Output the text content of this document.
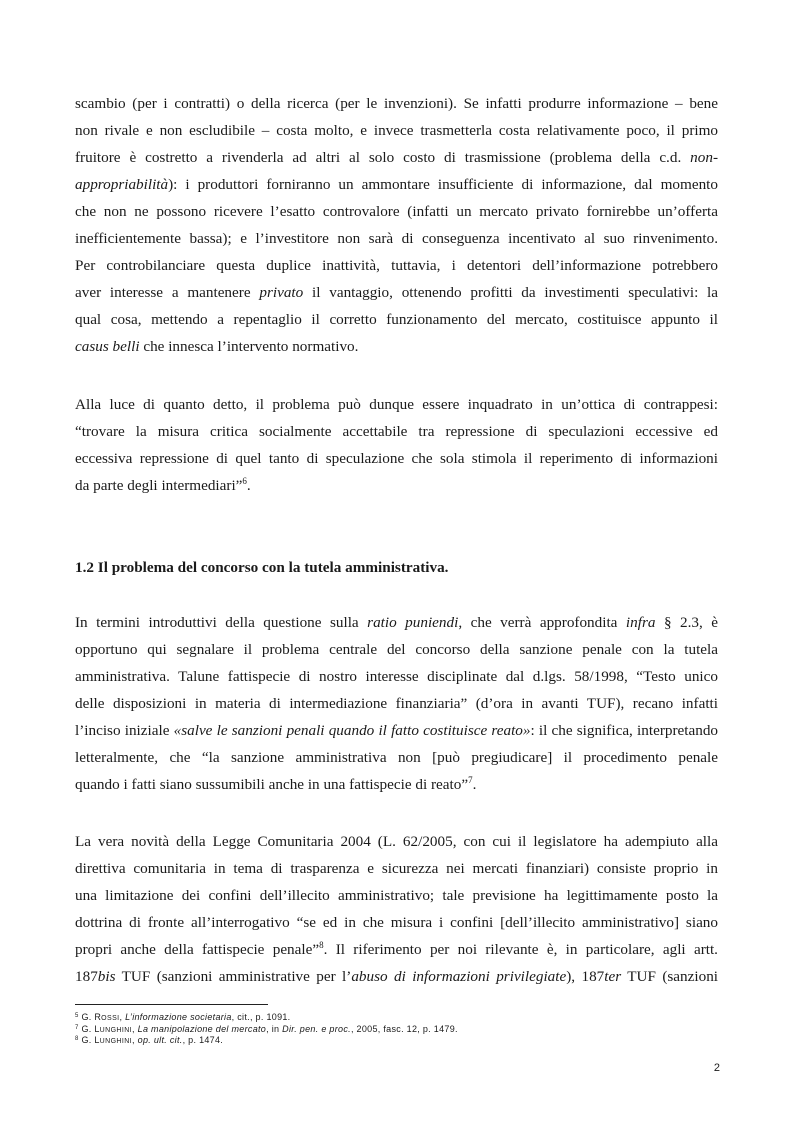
scambio (per i contratti) o della ricerca (per le invenzioni). Se infatti produrre informazione – bene
non rivale e non escludibile – costa molto, e invece trasmetterla costa relativamente poco, il primo
fruitore è costretto a rivenderla ad altri al solo costo di trasmissione (problema della c.d. non-
appropriabilità): i produttori forniranno un ammontare insufficiente di informazione, dal momento
che non ne possono ricevere l’esatto controvalore (infatti un mercato privato fornirebbe un’offerta
inefficientemente bassa); e l’investitore non sarà di conseguenza incentivato al suo rinvenimento.
Per controbilanciare questa duplice inattività, tuttavia, i detentori dell’informazione potrebbero
aver interesse a mantenere privato il vantaggio, ottenendo profitti da investimenti speculativi: la
qual cosa, mettendo a repentaglio il corretto funzionamento del mercato, costituisce appunto il
casus belli che innesca l’intervento normativo.
Alla luce di quanto detto, il problema può dunque essere inquadrato in un’ottica di contrappesi:
“trovare la misura critica socialmente accettabile tra repressione di speculazioni eccessive ed
eccessiva repressione di quel tanto di speculazione che sola stimola il reperimento di informazioni
da parte degli intermediari”$^6$.
1.2 Il problema del concorso con la tutela amministrativa.
In termini introduttivi della questione sulla ratio puniendi, che verrà approfondita infra § 2.3, è
opportuno qui segnalare il problema centrale del concorso della sanzione penale con la tutela
amministrativa. Talune fattispecie di nostro interesse disciplinate dal d.lgs. 58/1998, “Testo unico
delle disposizioni in materia di intermediazione finanziaria” (d’ora in avanti TUF), recano infatti
l’inciso iniziale «salve le sanzioni penali quando il fatto costituisce reato»: il che significa, interpretando
letteralmente, che “la sanzione amministrativa non [può pregiudicare] il procedimento penale
quando i fatti siano sussumibili anche in una fattispecie di reato”$^7$.
La vera novità della Legge Comunitaria 2004 (L. 62/2005, con cui il legislatore ha adempiuto alla
direttiva comunitaria in tema di trasparenza e sicurezza nei mercati finanziari) consiste proprio in
una limitazione dei confini dell’illecito amministrativo; tale previsione ha legittimamente posto la
dottrina di fronte all’interrogativo “se ed in che misura i confini [dell’illecito amministrativo] siano
propri anche della fattispecie penale”$^8$. Il riferimento per noi rilevante è, in particolare, agli artt.
187bis TUF (sanzioni amministrative per l’abuso di informazioni privilegiate), 187ter TUF (sanzioni
$^5$ G. ROSSI, L’informazione societaria, cit., p. 1091.
$^7$ G. LUNGHINI, La manipolazione del mercato, in Dir. pen. e proc., 2005, fasc. 12, p. 1479.
$^8$ G. LUNGHINI, op. ult. cit., p. 1474.
2
